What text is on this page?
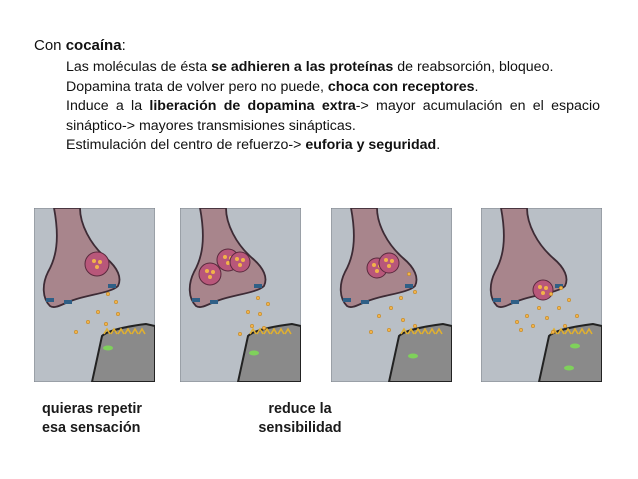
Con cocaína:

Las moléculas de ésta se adhieren a las proteínas de reabsorción, bloqueo.
Dopamina trata de volver pero no puede, choca con receptores.
Induce a la liberación de dopamina extra-> mayor acumulación en el espacio sináptico-> mayores transmisiones sinápticas.
Estimulación del centro de refuerzo-> euforia y seguridad.
quieras repetir
esa sensación
reduce la
sensibilidad
